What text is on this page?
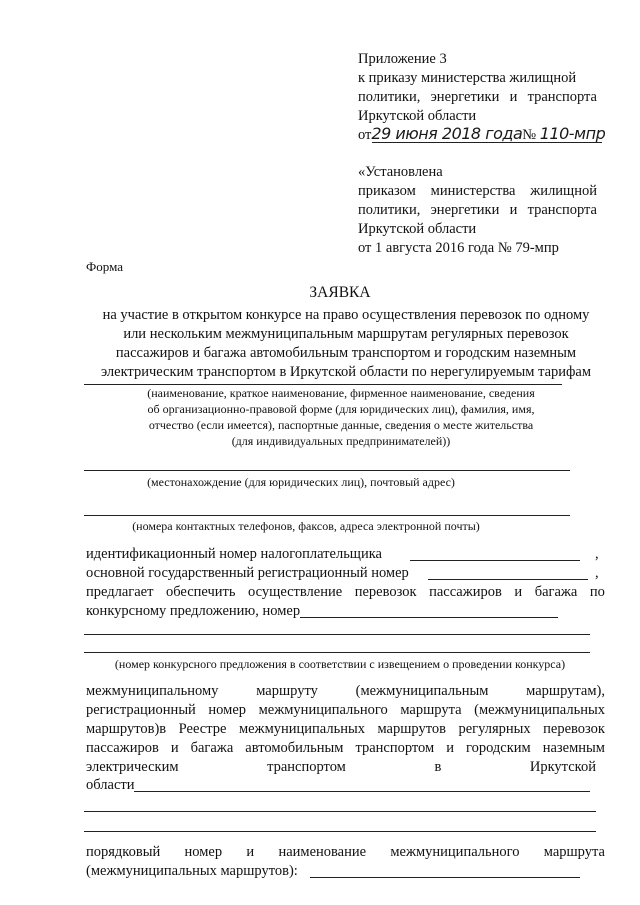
Приложение 3
к приказу министерства жилищной
политики, энергетики и транспорта
Иркутской области
от29 июня 2018 года№ 110-мпр
«Установлена
приказом министерства жилищной
политики, энергетики и транспорта
Иркутской области
от 1 августа 2016 года № 79-мпр
Форма
ЗАЯВКА
на участие в открытом конкурсе на право осуществления перевозок по одному
или нескольким межмуниципальным маршрутам регулярных перевозок
пассажиров и багажа автомобильным транспортом и городским наземным
электрическим транспортом в Иркутской области по нерегулируемым тарифам
(наименование, краткое наименование, фирменное наименование, сведения
об организационно-правовой форме (для юридических лиц), фамилия, имя,
отчество (если имеется), паспортные данные, сведения о месте жительства
(для индивидуальных предпринимателей))
(местонахождение (для юридических лиц), почтовый адрес)
(номера контактных телефонов, факсов, адреса электронной почты)
идентификационный номер налогоплательщика	,
основной государственный регистрационный номер	,
предлагает обеспечить осуществление перевозок пассажиров и багажа по
конкурсному предложению, номер
(номер конкурсного предложения в соответствии с извещением о проведении конкурса)
межмуниципальному	маршруту	(межмуниципальным	маршрутам),
регистрационный номер межмуниципального маршрута (межмуниципальных
маршрутов)в Реестре межмуниципальных маршрутов регулярных перевозок
пассажиров и багажа автомобильным транспортом и городским наземным
электрическим	транспортом	в	Иркутской
области
порядковый номер и наименование межмуниципального маршрута
(межмуниципальных маршрутов):
